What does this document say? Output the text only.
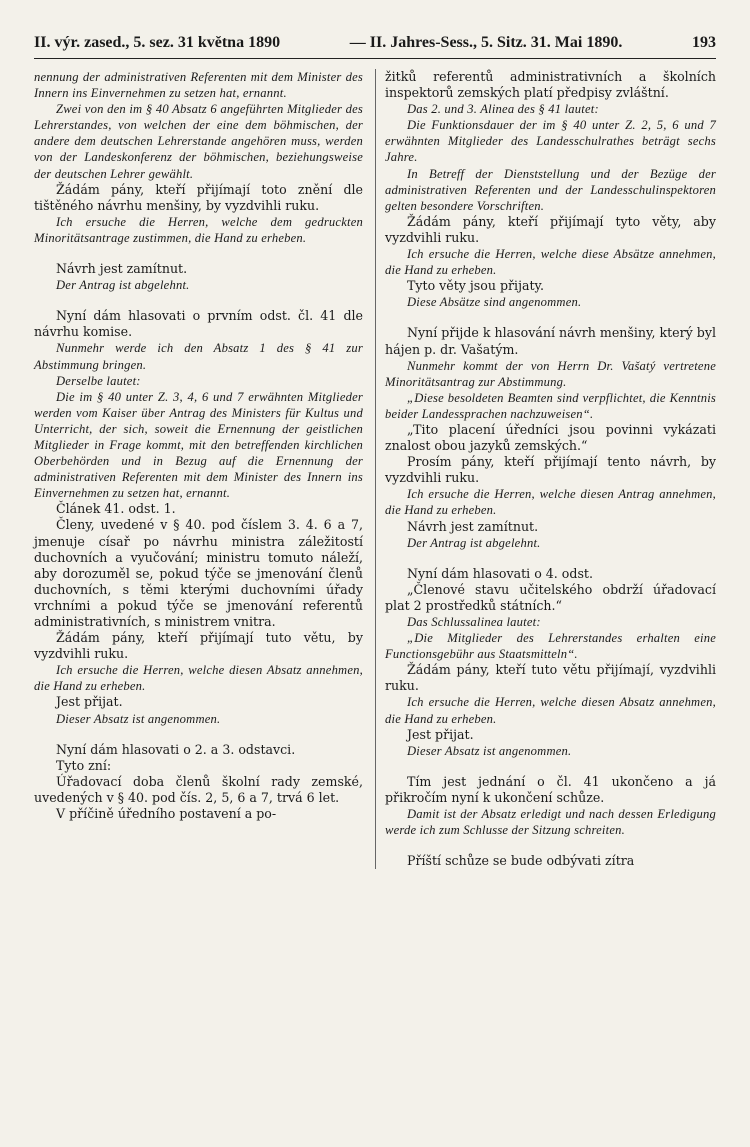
II. výr. zased., 5. sez. 31 května 1890	— II. Jahres-Sess., 5. Sitz. 31. Mai 1890.	193

nennung der administrativen Referenten mit dem Minister des Innern ins Einvernehmen zu setzen hat, ernannt.

Zwei von den im § 40 Absatz 6 angeführten Mitglieder des Lehrerstandes, von welchen der eine dem böhmischen, der andere dem deutschen Lehrerstande angehören muss, werden von der Landeskonferenz der böhmischen, beziehungsweise der deutschen Lehrer gewählt.

Žádám pány, kteří přijímají toto znění dle tištěného návrhu menšiny, by vyzdvihli ruku.

Ich ersuche die Herren, welche dem gedruckten Minoritätsantrage zustimmen, die Hand zu erheben.

Návrh jest zamítnut.

Der Antrag ist abgelehnt.

Nyní dám hlasovati o prvním odst. čl. 41 dle návrhu komise.

Nunmehr werde ich den Absatz 1 des § 41 zur Abstimmung bringen.

Derselbe lautet:

Die im § 40 unter Z. 3, 4, 6 und 7 erwähnten Mitglieder werden vom Kaiser über Antrag des Ministers für Kultus und Unterricht, der sich, soweit die Ernennung der geistlichen Mitglieder in Frage kommt, mit den betreffenden kirchlichen Oberbehörden und in Bezug auf die Ernennung der administrativen Referenten mit dem Minister des Innern ins Einvernehmen zu setzen hat, ernannt.

Článek 41. odst. 1.

Členy, uvedené v § 40. pod číslem 3. 4. 6 a 7, jmenuje císař po návrhu ministra záležitostí duchovních a vyučování; ministru tomuto náleží, aby dorozuměl se, pokud týče se jmenování členů duchovních, s těmi kterými duchovními úřady vrchními a pokud týče se jmenování referentů administrativních, s ministrem vnitra.

Žádám pány, kteří přijímají tuto větu, by vyzdvihli ruku.

Ich ersuche die Herren, welche diesen Absatz annehmen, die Hand zu erheben.

Jest přijat.

Dieser Absatz ist angenommen.

Nyní dám hlasovati o 2. a 3. odstavci.

Tyto zní:

Úřadovací doba členů školní rady zemské, uvedených v § 40. pod čís. 2, 5, 6 a 7, trvá 6 let.

V příčině úředního postavení a po-

žitků referentů administrativních a školních inspektorů zemských platí předpisy zvláštní.

Das 2. und 3. Alinea des § 41 lautet:

Die Funktionsdauer der im § 40 unter Z. 2, 5, 6 und 7 erwähnten Mitglieder des Landesschulrathes beträgt sechs Jahre.

In Betreff der Dienststellung und der Bezüge der administrativen Referenten und der Landesschulinspektoren gelten besondere Vorschriften.

Žádám pány, kteří přijímají tyto věty, aby vyzdvihli ruku.

Ich ersuche die Herren, welche diese Absätze annehmen, die Hand zu erheben.

Tyto věty jsou přijaty.

Diese Absätze sind angenommen.

Nyní přijde k hlasování návrh menšiny, který byl hájen p. dr. Vašatým.

Nunmehr kommt der von Herrn Dr. Vašatý vertretene Minoritätsantrag zur Abstimmung.

„Diese besoldeten Beamten sind verpflichtet, die Kenntnis beider Landessprachen nachzuweisen“.

„Tito placení úředníci jsou povinni vykázati znalost obou jazyků zemských.“

Prosím pány, kteří přijímají tento návrh, by vyzdvihli ruku.

Ich ersuche die Herren, welche diesen Antrag annehmen, die Hand zu erheben.

Návrh jest zamítnut.

Der Antrag ist abgelehnt.

Nyní dám hlasovati o 4. odst.

„Členové stavu učitelského obdrží úřadovací plat 2 prostředků státních.“

Das Schlussalinea lautet:

„Die Mitglieder des Lehrerstandes erhalten eine Functionsgebühr aus Staatsmitteln“.

Žádám pány, kteří tuto větu přijímají, vyzdvihli ruku.

Ich ersuche die Herren, welche diesen Absatz annehmen, die Hand zu erheben.

Jest přijat.

Dieser Absatz ist angenommen.

Tím jest jednání o čl. 41 ukončeno a já přikročím nyní k ukončení schůze.

Damit ist der Absatz erledigt und nach dessen Erledigung werde ich zum Schlusse der Sitzung schreiten.

Příští schůze se bude odbývati zítra
